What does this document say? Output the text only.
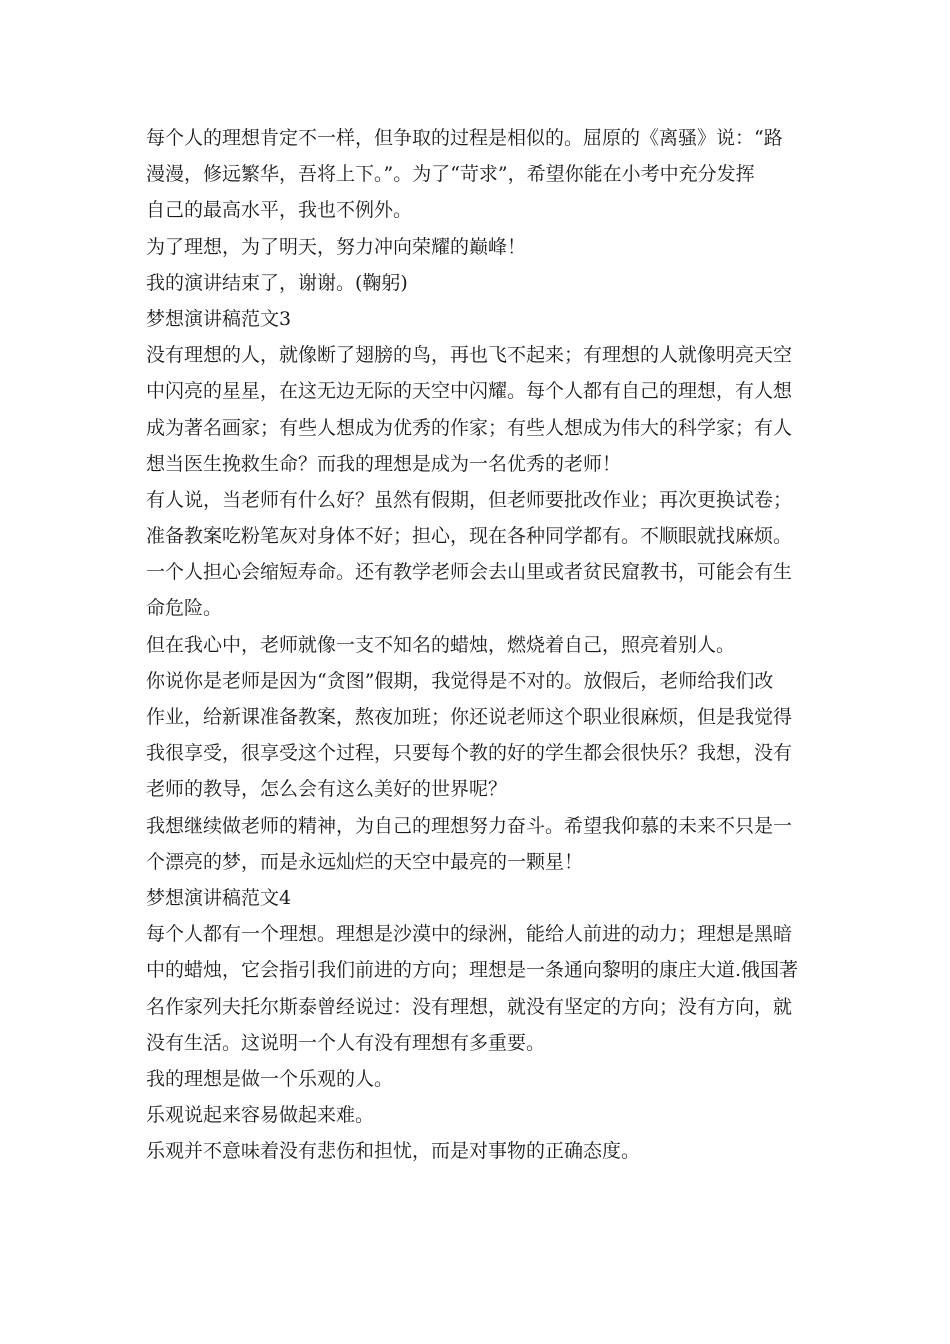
每个人的理想肯定不一样，但争取的过程是相似的。屈原的《离骚》说：“路
漫漫，修远繁华，吾将上下。”。为了“苛求”，希望你能在小考中充分发挥
自己的最高水平，我也不例外。
为了理想，为了明天，努力冲向荣耀的巅峰！
我的演讲结束了，谢谢。(鞠躬)
梦想演讲稿范文3
没有理想的人，就像断了翅膀的鸟，再也飞不起来；有理想的人就像明亮天空
中闪亮的星星，在这无边无际的天空中闪耀。每个人都有自己的理想，有人想
成为著名画家；有些人想成为优秀的作家；有些人想成为伟大的科学家；有人
想当医生挽救生命？而我的理想是成为一名优秀的老师！
有人说，当老师有什么好？虽然有假期，但老师要批改作业；再次更换试卷；
准备教案吃粉笔灰对身体不好；担心，现在各种同学都有。不顺眼就找麻烦。
一个人担心会缩短寿命。还有教学老师会去山里或者贫民窟教书，可能会有生
命危险。
但在我心中，老师就像一支不知名的蜡烛，燃烧着自己，照亮着别人。
你说你是老师是因为“贪图”假期，我觉得是不对的。放假后，老师给我们改
作业，给新课准备教案，熬夜加班；你还说老师这个职业很麻烦，但是我觉得
我很享受，很享受这个过程，只要每个教的好的学生都会很快乐？我想，没有
老师的教导，怎么会有这么美好的世界呢？
我想继续做老师的精神，为自己的理想努力奋斗。希望我仰慕的未来不只是一
个漂亮的梦，而是永远灿烂的天空中最亮的一颗星！
梦想演讲稿范文4
每个人都有一个理想。理想是沙漠中的绿洲，能给人前进的动力；理想是黑暗
中的蜡烛，它会指引我们前进的方向；理想是一条通向黎明的康庄大道.俄国著
名作家列夫托尔斯泰曾经说过：没有理想，就没有坚定的方向；没有方向，就
没有生活。这说明一个人有没有理想有多重要。
我的理想是做一个乐观的人。
乐观说起来容易做起来难。
乐观并不意味着没有悲伤和担忧，而是对事物的正确态度。
